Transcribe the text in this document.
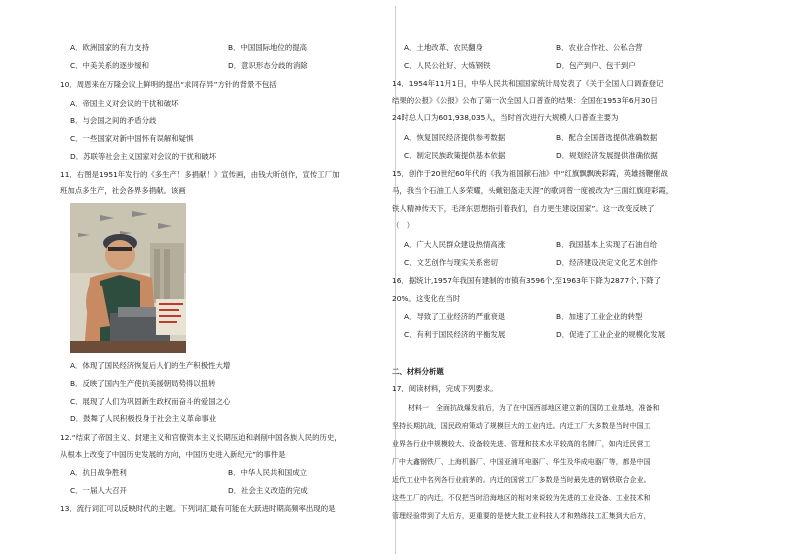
A．欧洲国家的有力支持	B．中国国际地位的提高
C．中美关系的逐步缓和	D．意识形态分歧的消除
10．周恩来在万隆会议上鲜明的提出“求同存异”方针的背景不包括
A．帝国主义对会议的干扰和破坏
B．与会国之间的矛盾分歧
C．一些国家对新中国怀有误解和疑惧
D．苏联等社会主义国家对会议的干扰和破坏
11．右图是1951年发行的《多生产！多捐献！》宣传画，由钱大昕创作，宣传工厂加
班加点多生产，社会各界多捐献。该画
A．体现了国民经济恢复后人们的生产积极性大增
B．反映了国内生产使抗美援朝局势得以扭转
C．展现了人们为巩固新生政权而奋斗的爱国之心
D．鼓舞了人民积极投身于社会主义革命事业
12.“结束了帝国主义、封建主义和官僚资本主义长期压迫和剥削中国各族人民的历史，
从根本上改变了中国历史发展的方向，中国历史进入新纪元”的事件是
A．抗日战争胜利	B．中华人民共和国成立
C．一届人大召开	D．社会主义改造的完成
13．流行词汇可以反映时代的主题。下列词汇最有可能在大跃进时期高频率出现的是
A．土地改革、农民翻身	B．农业合作社、公私合营
C．人民公社好、大炼钢铁	D．包产到户、包干到户
14．1954年11月1日，中华人民共和国国家统计局发表了《关于全国人口调查登记
结果的公报》《公报》公布了第一次全国人口普查的结果：全国在1953年6月30日
24时总人口为601,938,035人，当时首次进行大规模人口普查主要为
A．恢复国民经济提供参考数据	B．配合全国普选提供准确数据
C．制定民族政策提供基本依据	D．规划经济发展提供准确依据
15．创作于20世纪60年代的《我为祖国献石油》中“红旗飘飘映彩霞，英雄扬鞭催战
马，我当个石油工人多荣耀，头戴铝盔走天涯”的歌词曾一度被改为“三面红旗迎彩霞，
铁人精神传天下，毛泽东思想指引着我们，自力更生建设国家”。这一改变反映了
（　）
A．广大人民群众建设热情高涨	B．我国基本上实现了石油自给
C．文艺创作与现实关系密切	D．经济建设决定文化艺术创作
16．据统计,1957年我国有建制的市镇有3596个,至1963年下降为2877个,下降了
20%。这变化在当时
A．导致了工业经济的严重衰退	B．加速了工业企业的转型
C．有利于国民经济的平衡发展	D．促进了工业企业的规模化发展
二、材料分析题
17．阅读材料，完成下列要求。
材料一　全面抗战爆发前后，为了在中国西部地区建立新的国防工业基地，准备和
坚持长期抗战，国民政府策动了规模巨大的工业内迁。内迁工厂大多数是当时中国工
业界各行业中规模较大、设备较先进、管理和技术水平较高的名牌厂，如内迁民营工
厂中大鑫钢铁厂、上海机器厂、中国亚浦耳电器厂、华生及华成电器厂等，都是中国
近代工业中名列各行业前茅的。内迁的国营工厂多数是当时最先进的钢铁联合企业。
这些工厂的内迁，不仅把当时沿海地区的相对来说较为先进的工业设备、工业技术和
管理经验带到了大后方，更重要的是使大批工业科技人才和熟练技工汇集到大后方，
